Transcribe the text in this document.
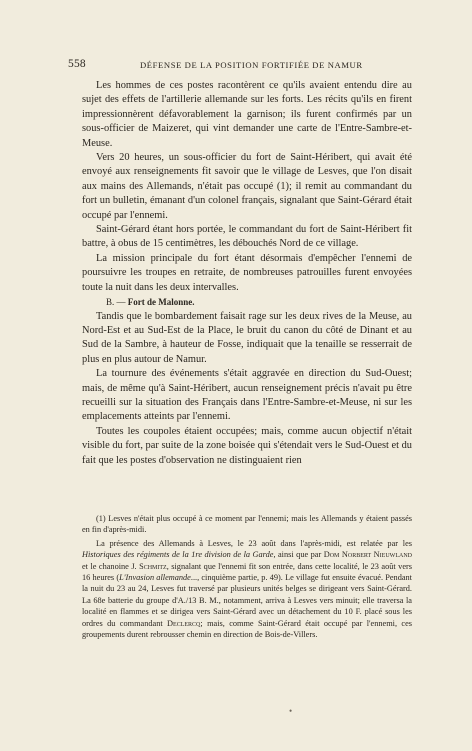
558	DÉFENSE DE LA POSITION FORTIFIÉE DE NAMUR

Les hommes de ces postes racontèrent ce qu'ils avaient entendu dire au sujet des effets de l'artillerie allemande sur les forts. Les récits qu'ils en firent impressionnèrent défavorablement la garnison; ils furent confirmés par un sous-officier de Maizeret, qui vint demander une carte de l'Entre-Sambre-et-Meuse.

Vers 20 heures, un sous-officier du fort de Saint-Héribert, qui avait été envoyé aux renseignements fit savoir que le village de Lesves, que l'on disait aux mains des Allemands, n'était pas occupé (1); il remit au commandant du fort un bulletin, émanant d'un colonel français, signalant que Saint-Gérard était occupé par l'ennemi.

Saint-Gérard étant hors portée, le commandant du fort de Saint-Héribert fit battre, à obus de 15 centimètres, les débouchés Nord de ce village.

La mission principale du fort étant désormais d'empêcher l'ennemi de poursuivre les troupes en retraite, de nombreuses patrouilles furent envoyées toute la nuit dans les deux intervalles.

B. — Fort de Malonne.

Tandis que le bombardement faisait rage sur les deux rives de la Meuse, au Nord-Est et au Sud-Est de la Place, le bruit du canon du côté de Dinant et au Sud de la Sambre, à hauteur de Fosse, indiquait que la tenaille se resserrait de plus en plus autour de Namur.

La tournure des événements s'était aggravée en direction du Sud-Ouest; mais, de même qu'à Saint-Héribert, aucun renseignement précis n'avait pu être recueilli sur la situation des Français dans l'Entre-Sambre-et-Meuse, ni sur les emplacements atteints par l'ennemi.

Toutes les coupoles étaient occupées; mais, comme aucun objectif n'était visible du fort, par suite de la zone boisée qui s'étendait vers le Sud-Ouest et du fait que les postes d'observation ne distinguaient rien

(1) Lesves n'était plus occupé à ce moment par l'ennemi; mais les Allemands y étaient passés en fin d'après-midi.

La présence des Allemands à Lesves, le 23 août dans l'après-midi, est relatée par les Historiques des régiments de la 1re division de la Garde, ainsi que par Dom Norbert Nieuwland et le chanoine J. Schmitz, signalant que l'ennemi fit son entrée, dans cette localité, le 23 août vers 16 heures (L'Invasion allemande..., cinquième partie, p. 49). Le village fut ensuite évacué. Pendant la nuit du 23 au 24, Lesves fut traversé par plusieurs unités belges se dirigeant vers Saint-Gérard. La 68e batterie du groupe d'A./13 B. M., notamment, arriva à Lesves vers minuit; elle traversa la localité en flammes et se dirigea vers Saint-Gérard avec un détachement du 10 F. placé sous les ordres du commandant Declercq; mais, comme Saint-Gérard était occupé par l'ennemi, ces groupements durent rebrousser chemin en direction de Bois-de-Villers.

•
